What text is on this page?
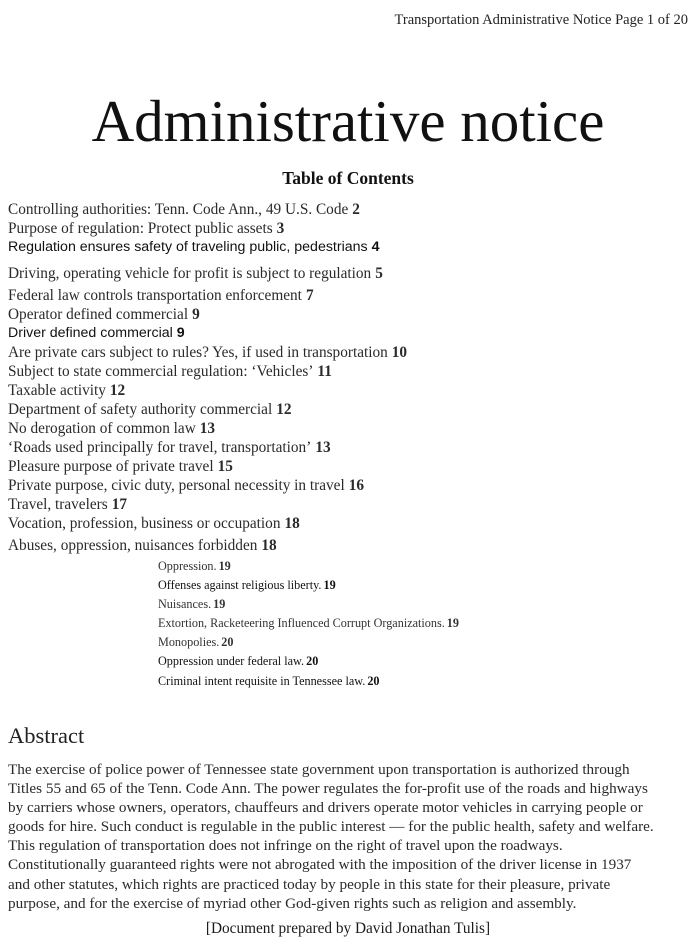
Transportation Administrative Notice Page 1 of 20
Administrative notice
Table of Contents
Controlling authorities: Tenn. Code Ann., 49 U.S. Code 2
Purpose of regulation: Protect public assets 3
Regulation ensures safety of traveling public, pedestrians 4
Driving, operating vehicle for profit is subject to regulation 5
Federal law controls transportation enforcement 7
Operator defined commercial 9
Driver defined commercial 9
Are private cars subject to rules? Yes, if used in transportation 10
Subject to state commercial regulation: ‘Vehicles’ 11
Taxable activity 12
Department of safety authority commercial 12
No derogation of common law 13
‘Roads used principally for travel, transportation’ 13
Pleasure purpose of private travel 15
Private purpose, civic duty, personal necessity in travel 16
Travel, travelers 17
Vocation, profession, business or occupation 18
Abuses, oppression, nuisances forbidden 18
Oppression. 19
Offenses against religious liberty. 19
Nuisances. 19
Extortion, Racketeering Influenced Corrupt Organizations. 19
Monopolies. 20
Oppression under federal law. 20
Criminal intent requisite in Tennessee law. 20
Abstract
The exercise of police power of Tennessee state government upon transportation is authorized through
Titles 55 and 65 of the Tenn. Code Ann. The power regulates the for-profit use of the roads and highways
by carriers whose owners, operators, chauffeurs and drivers operate motor vehicles in carrying people or
goods for hire. Such conduct is regulable in the public interest — for the public health, safety and welfare.
This regulation of transportation does not infringe on the right of travel upon the roadways.
Constitutionally guaranteed rights were not abrogated with the imposition of the driver license in 1937
and other statutes, which rights are practiced today by people in this state for their pleasure, private
purpose, and for the exercise of myriad other God-given rights such as religion and assembly.
[Document prepared by David Jonathan Tulis]
